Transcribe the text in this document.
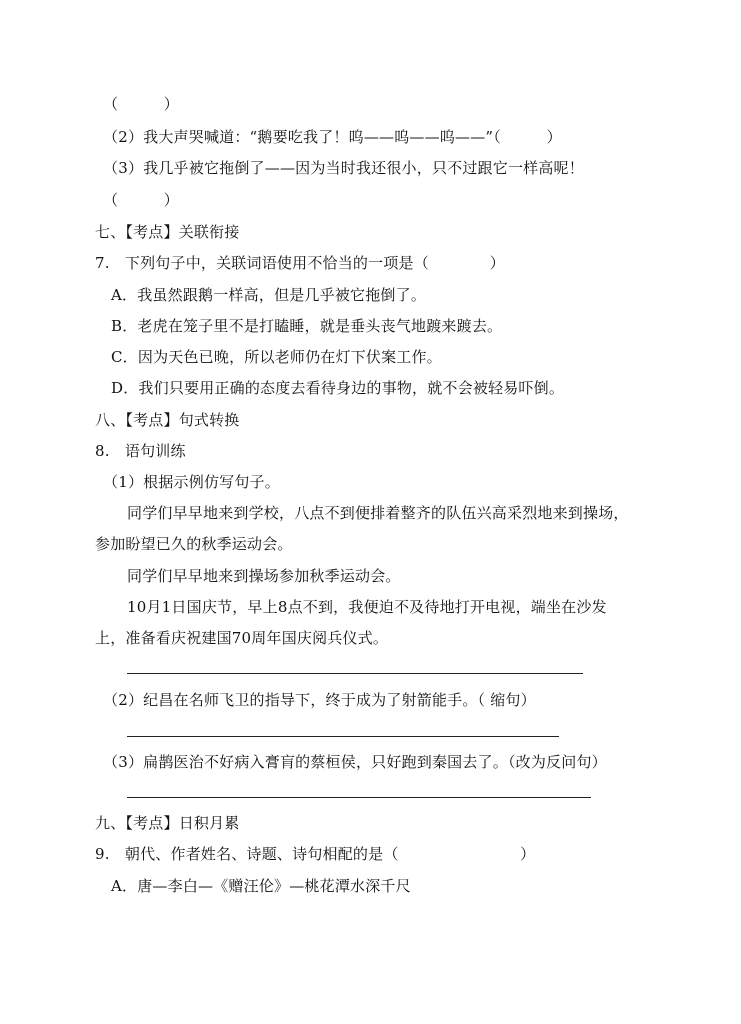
（　　　）
（2）我大声哭喊道：“鹅要吃我了！呜——呜——呜——”（　　　）
（3）我几乎被它拖倒了——因为当时我还很小，只不过跟它一样高呢！
（　　　）
七、【考点】关联衔接
7.　下列句子中，关联词语使用不恰当的一项是（　　　　）
A．我虽然跟鹅一样高，但是几乎被它拖倒了。
B．老虎在笼子里不是打瞌睡，就是垂头丧气地踱来踱去。
C．因为天色已晚，所以老师仍在灯下伏案工作。
D．我们只要用正确的态度去看待身边的事物，就不会被轻易吓倒。
八、【考点】句式转换
8.　语句训练
（1）根据示例仿写句子。
同学们早早地来到学校，八点不到便排着整齐的队伍兴高采烈地来到操场，
参加盼望已久的秋季运动会。
同学们早早地来到操场参加秋季运动会。
10月1日国庆节，早上8点不到，我便迫不及待地打开电视，端坐在沙发
上，准备看庆祝建国70周年国庆阅兵仪式。
（2）纪昌在名师飞卫的指导下，终于成为了射箭能手。（ 缩句）
（3）扁鹊医治不好病入膏肓的蔡桓侯，只好跑到秦国去了。（改为反问句）
九、【考点】日积月累
9.　朝代、作者姓名、诗题、诗句相配的是（　　　　　　　　）
A．唐—李白—《赠汪伦》—桃花潭水深千尺
